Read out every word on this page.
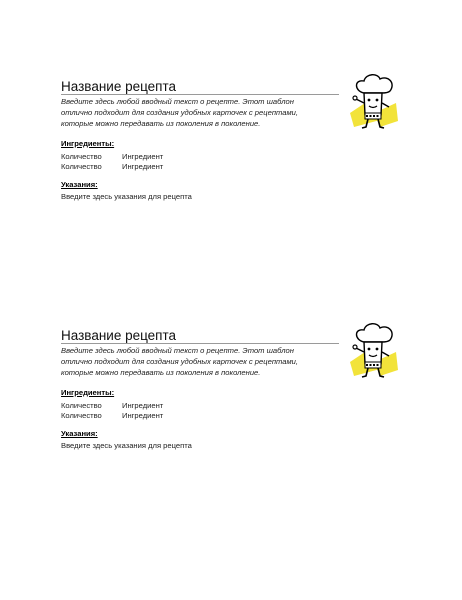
Название рецепта
Введите здесь любой вводный текст о рецепте. Этот шаблон
отлично подходит для создания удобных карточек с рецептами,
которые можно передавать из поколения в поколение.
Ингредиенты:
Количество	Ингредиент
Количество	Ингредиент
Указания:
Введите здесь указания для рецепта
Название рецепта
Введите здесь любой вводный текст о рецепте. Этот шаблон
отлично подходит для создания удобных карточек с рецептами,
которые можно передавать из поколения в поколение.
Ингредиенты:
Количество	Ингредиент
Количество	Ингредиент
Указания:
Введите здесь указания для рецепта
